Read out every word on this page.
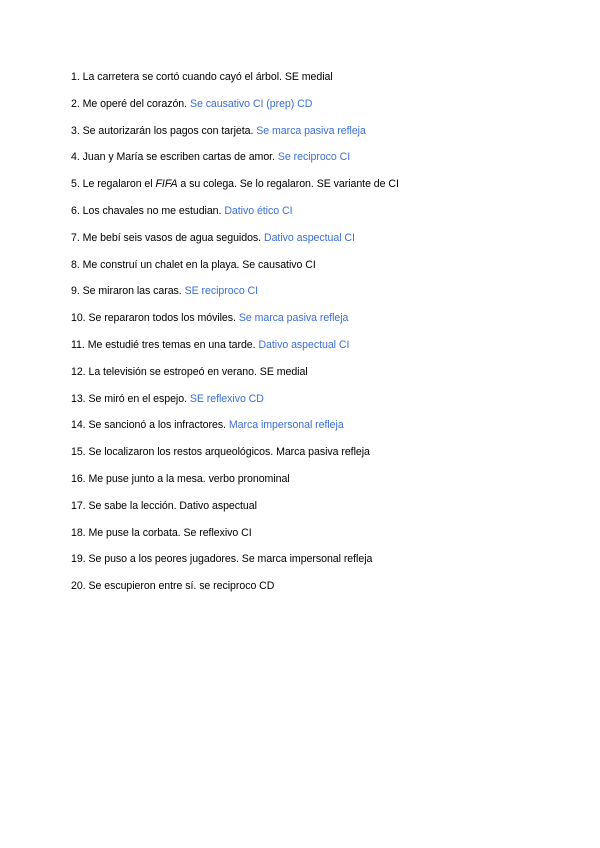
1. La carretera se cortó cuando cayó el árbol. SE medial
2. Me operé del corazón. Se causativo CI (prep) CD
3. Se autorizarán los pagos con tarjeta. Se marca pasiva refleja
4. Juan y María se escriben cartas de amor. Se reciproco CI
5. Le regalaron el FIFA a su colega. Se lo regalaron. SE variante de CI
6. Los chavales no me estudian. Dativo ético CI
7. Me bebí seis vasos de agua seguidos. Dativo aspectual CI
8. Me construí un chalet en la playa. Se causativo CI
9. Se miraron las caras. SE reciproco CI
10. Se repararon todos los móviles. Se marca pasiva refleja
11. Me estudié tres temas en una tarde. Dativo aspectual CI
12. La televisión se estropeó en verano. SE medial
13. Se miró en el espejo. SE reflexivo CD
14. Se sancionó a los infractores. Marca impersonal refleja
15. Se localizaron los restos arqueológicos. Marca pasiva refleja
16. Me puse junto a la mesa. verbo pronominal
17. Se sabe la lección. Dativo aspectual
18. Me puse la corbata. Se reflexivo CI
19. Se puso a los peores jugadores. Se marca impersonal refleja
20. Se escupieron entre sí. se reciproco CD
